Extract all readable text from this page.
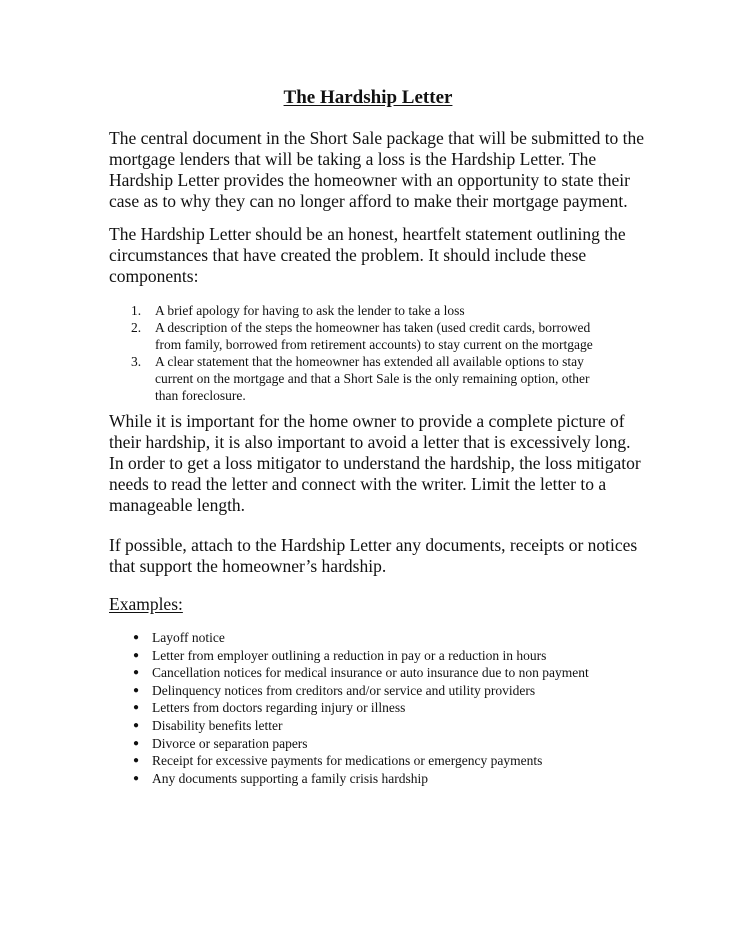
The Hardship Letter

The central document in the Short Sale package that will be submitted to the
mortgage lenders that will be taking a loss is the Hardship Letter. The
Hardship Letter provides the homeowner with an opportunity to state their
case as to why they can no longer afford to make their mortgage payment.

The Hardship Letter should be an honest, heartfelt statement outlining the
circumstances that have created the problem. It should include these
components:

1. A brief apology for having to ask the lender to take a loss
2. A description of the steps the homeowner has taken (used credit cards, borrowed
from family, borrowed from retirement accounts) to stay current on the mortgage
3. A clear statement that the homeowner has extended all available options to stay
current on the mortgage and that a Short Sale is the only remaining option, other
than foreclosure.

While it is important for the home owner to provide a complete picture of
their hardship, it is also important to avoid a letter that is excessively long.
In order to get a loss mitigator to understand the hardship, the loss mitigator
needs to read the letter and connect with the writer. Limit the letter to a
manageable length.

If possible, attach to the Hardship Letter any documents, receipts or notices
that support the homeowner’s hardship.

Examples:
● Layoff notice
● Letter from employer outlining a reduction in pay or a reduction in hours
● Cancellation notices for medical insurance or auto insurance due to non payment
● Delinquency notices from creditors and/or service and utility providers
● Letters from doctors regarding injury or illness
● Disability benefits letter
● Divorce or separation papers
● Receipt for excessive payments for medications or emergency payments
● Any documents supporting a family crisis hardship
